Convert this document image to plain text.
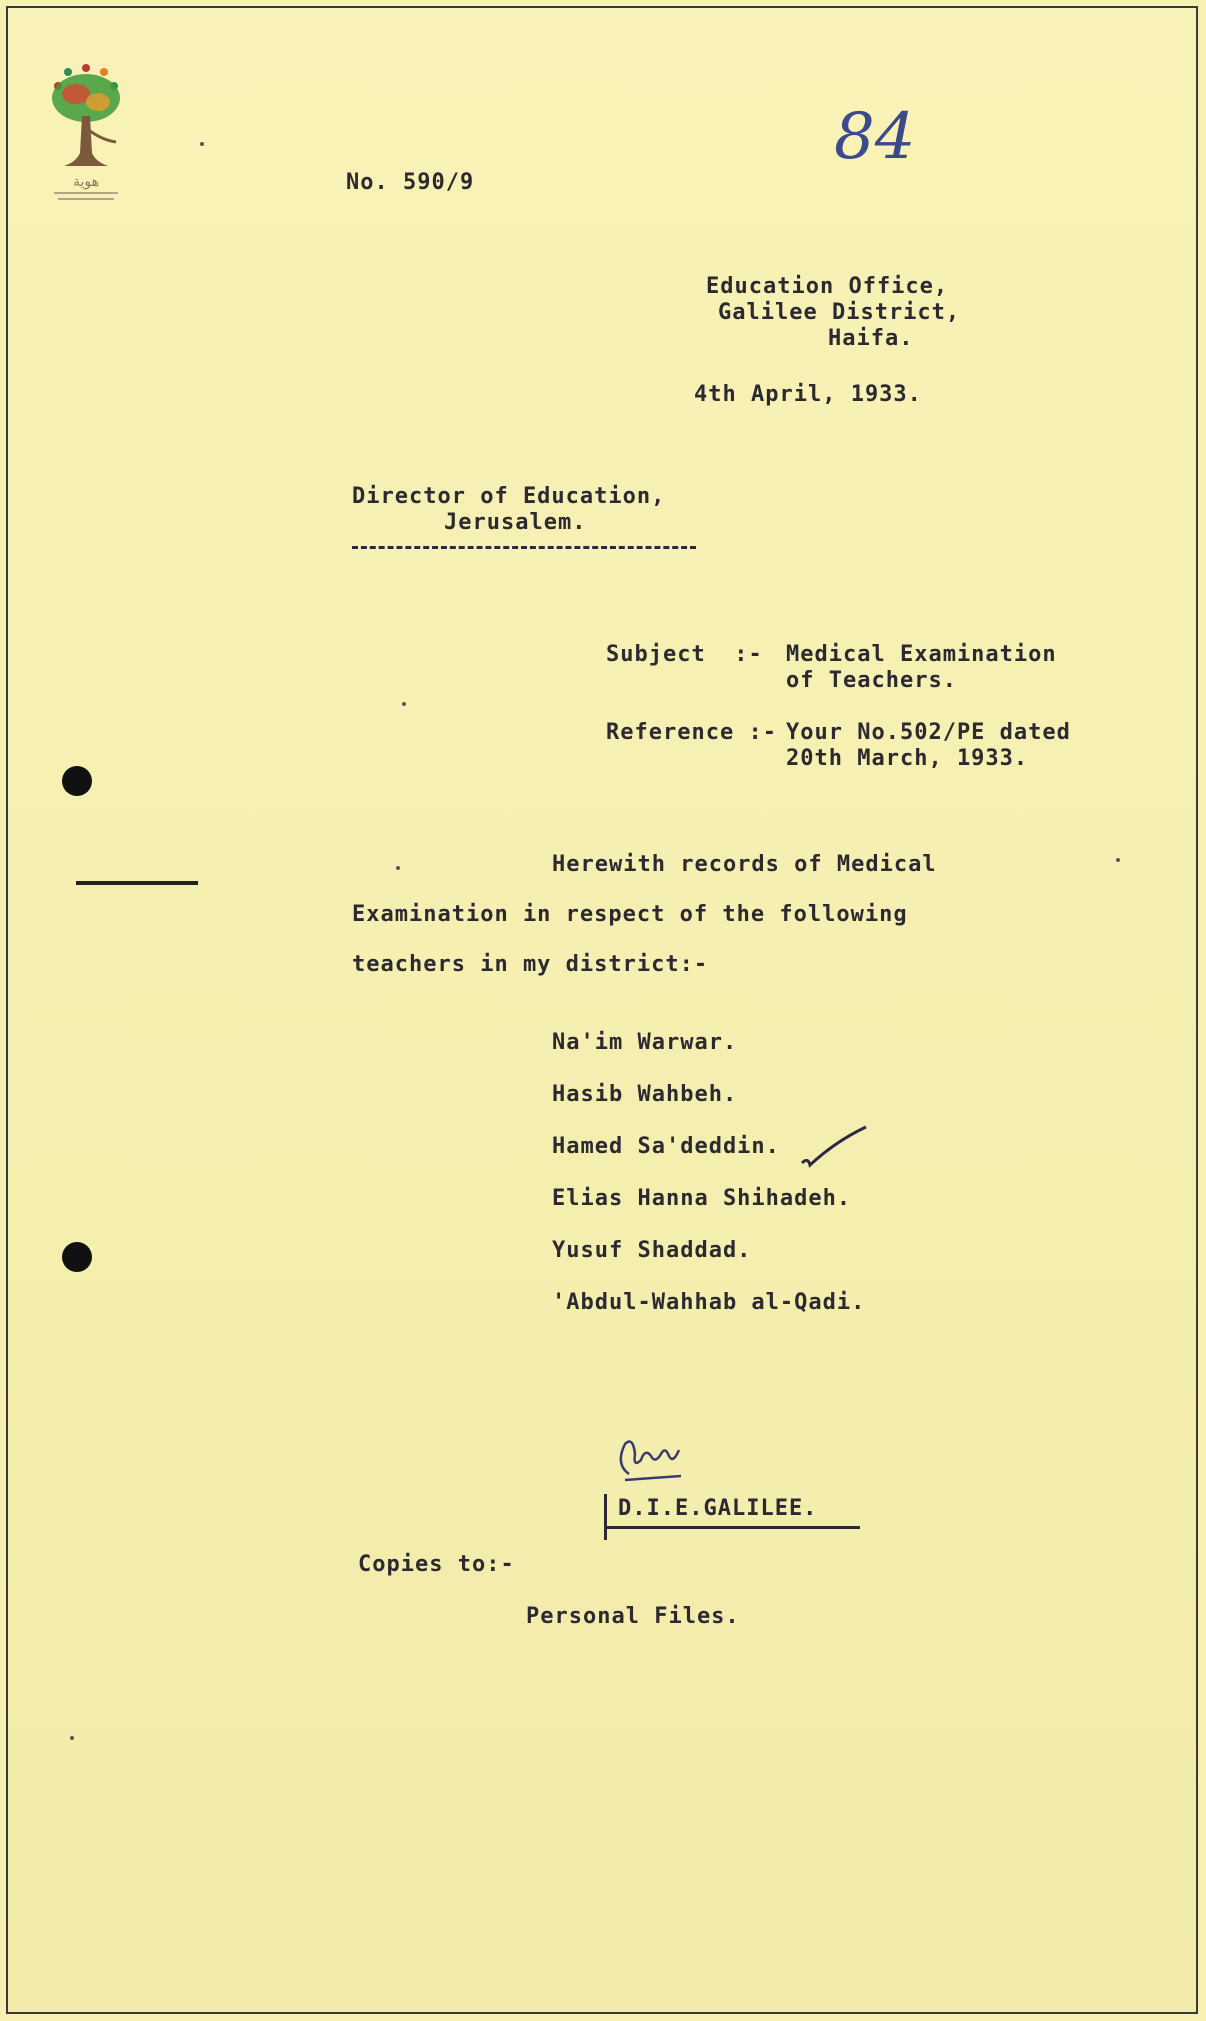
هوية
84
No. 590/9
Education Office,
Galilee District,
Haifa.
4th April, 1933.
Director of Education,
Jerusalem.
Subject  :- Medical Examination
of Teachers.
Reference :- Your No.502/PE dated
20th March, 1933.
Herewith records of Medical
Examination in respect of the following
teachers in my district:-
Na'im Warwar.
Hasib Wahbeh.
Hamed Sa'deddin.
Elias Hanna Shihadeh.
Yusuf Shaddad.
'Abdul-Wahhab al-Qadi.
D.I.E.GALILEE.
Copies to:-
Personal Files.
